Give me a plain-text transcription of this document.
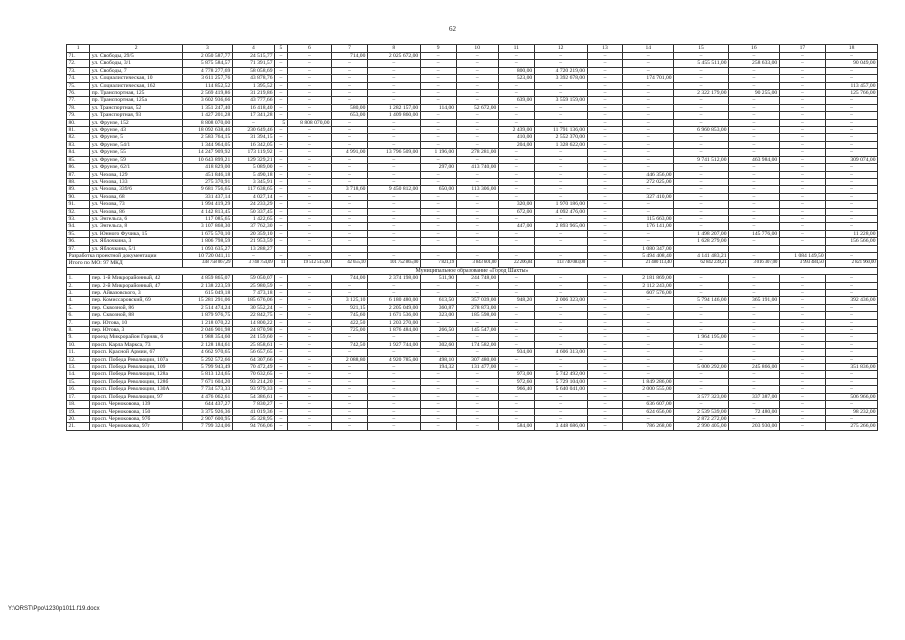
62
1	2	3	4	5	6	7	8	9	10	11	12	13	14	15	16	17	18
71.	ул. Свободы, 29/5	2 050 587,77	24 515,77	–	–	714,00	2 025 672,00	–	–	–	–	–	–	–	–	–	–
72.	ул. Свободы, 3/1	5 875 584,57	71 391,57	–	–	–	–	–	–	–	–	–	–	5 455 511,00	258 633,00	–	90 049,00
73.	ул. Свободы, 7	4 778 277,69	58 058,69	–	–	–	–	–	–	800,00	4 720 219,00	–	–	–	–	–	–
74.	ул. Социалистическая, 10	3 611 257,76	43 878,76	–	–	–	–	–	–	523,00	3 392 678,00	–	174 701,00	–	–	–	–
75.	ул. Социалистическая, 162	114 852,52	1 395,52	–	–	–	–	–	–	–	–	–	–	–	–	–	113 457,00
76.	пр. Транспортная, 125	2 569 419,86	31 219,86	–	–	–	–	–	–	–	–	–	–	2 322 179,00	90 255,00	–	125 766,00
77.	пр. Транспортная, 125а	3 602 936,66	43 777,66	–	–	–	–	–	–	639,00	3 559 159,00	–	–	–	–	–	–
78.	ул. Транспортная, 52	1 351 247,40	16 418,40	–	–	580,00	1 282 157,00	114,00	52 672,00	–	–	–	–	–	–	–	–
79.	ул. Транспортная, 93	1 427 201,28	17 341,28	–	–	653,00	1 409 860,00	–	–	–	–	–	–	–	–	–	–
80.	ул. Фрунзе, 152	8 808 070,00	–	5	8 808 070,00	–	–	–	–	–	–	–	–	–	–	–	–
81.	ул. Фрунзе, 43	18 092 638,46	230 649,46	–	–	–	–	–	–	2 439,00	11 791 136,00	–	–	6 960 853,00	–	–	–
82.	ул. Фрунзе, 5	2 583 764,15	31 394,15	–	–	–	–	–	–	410,00	2 552 370,00	–	–	–	–	–	–
83.	ул. Фрунзе, 54/1	1 344 964,05	16 342,05	–	–	–	–	–	–	204,00	1 328 622,00	–	–	–	–	–	–
84.	ул. Фрунзе, 55	14 247 909,92	173 119,92	–	–	4 991,00	13 796 509,00	1 196,00	278 281,00	–	–	–	–	–	–	–	–
85.	ул. Фрунзе, 59	10 643 899,21	129 329,21	–	–	–	–	–	–	–	–	–	–	9 741 512,00	463 984,00	–	309 074,00
86.	ул. Фрунзе, 62/1	418 829,00	5 089,00	–	–	–	–	297,00	413 740,00	–	–	–	–	–	–	–	–
87.	ул. Чехова, 129	451 846,18	5 490,18	–	–	–	–	–	–	–	–	–	446 356,00	–	–	–	–
88.	ул. Чехова, 133	275 370,91	3 345,91	–	–	–	–	–	–	–	–	–	272 025,00	–	–	–	–
89.	ул. Чехова, 339/6	9 681 756,65	117 638,65	–	–	3 718,60	9 450 812,00	650,00	113 306,00	–	–	–	–	–	–	–	–
90.	ул. Чехова, 68	331 437,14	4 027,14	–	–	–	–	–	–	–	–	–	327 410,00	–	–	–	–
91.	ул. Чехова, 73	1 994 419,29	24 233,29	–	–	–	–	–	–	320,00	1 970 186,00	–	–	–	–	–	–
92.	ул. Чехова, 86	4 142 813,45	50 337,45	–	–	–	–	–	–	672,00	4 092 476,00	–	–	–	–	–	–
93.	ул. Энгельса, 6	117 085,65	1 422,65	–	–	–	–	–	–	–	–	–	115 663,00	–	–	–	–
94.	ул. Энгельса, 8	3 107 868,30	37 762,30	–	–	–	–	–	–	447,00	2 893 965,00	–	176 141,00	–	–	–	–
95.	ул. Юнного Фучика, 15	1 675 570,10	20 359,10	–	–	–	–	–	–	–	–	–	–	1 498 207,00	145 776,00	–	11 228,00
96.	ул. Яблочкина, 3	1 806 798,59	21 953,59	–	–	–	–	–	–	–	–	–	–	1 628 279,00	–	–	156 566,00
97.	ул. Яблочкина, 5/1	1 093 635,27	13 288,27										1 080 347,00				
Разработка проектной документации		10 720 041,11	–	–	–	–	–	–	–	–	–	–	5 494 408,40	4 141 483,21	–	1 084 149,50	–
Итого по МО: 97 МКД		338 758 067,29	3 748 754,09	11	19 512 515,00	42 655,10	101 752 865,00	7 821,19	3 843 601,00	22 206,84	113 740 083,00	–	21 480 113,40	62 842 239,21	3 016 307,00	3 993 484,50	2 821 960,00
Муниципальное образование «Город Шахты»																	
1.	пер. 1-й Микрорайонный, 42	4 859 865,07	59 050,07	–	–	744,00	2 374 198,00	511,90	244 748,00	–	–	–	2 181 869,00	–	–	–	–
2.	пер. 2-й Микрорайонный, 47	2 138 223,59	25 980,59	–	–	–	–	–	–	–	–	–	2 112 243,00	–	–	–	–
3.	пер. Айвазовского, 3	615 049,18	7 473,18	–	–	–	–	–	–	–	–	–	607 576,00	–	–	–	–
4.	пер. Комиссаровский, 69	15 281 291,06	185 676,06	–	–	3 125,10	6 180 480,00	613,50	357 039,00	948,20	2 006 323,00	–	–	5 794 146,00	365 191,00	–	392 436,00
5.	пер. Сквозной, 86	2 514 474,24	30 552,24	–	–	921,15	2 205 049,00	360,87	278 873,00	–	–	–	–	–	–	–	–
6.	пер. Сквозной, 88	1 879 976,75	22 842,75	–	–	745,60	1 671 536,00	323,00	185 598,00	–	–	–	–	–	–	–	–
7.	пер. Ютова, 10	1 218 070,22	14 800,22	–	–	422,50	1 203 270,00	–	–	–	–	–	–	–	–	–	–
8.	пер. Ютова, 3	2 046 901,98	24 870,98	–	–	725,00	1 876 484,00	266,50	145 547,00	–	–	–	–	–	–	–	–
9.	проезд Микрорайон Горняк, 6	1 988 354,60	24 159,60	–	–	–	–	–	–	–	–	–	–	1 964 195,00	–	–	–
10.	просп. Карла Маркса, 73	2 128 184,61	25 858,61	–	–	742,50	1 927 744,00	302,60	174 582,00	–	–	–	–	–	–	–	–
11.	просп. Красной Армии, 67	4 662 970,65	56 657,65	–	–	–	–	–	–	934,00	4 606 313,00	–	–	–	–	–	–
12.	просп. Победа Революции, 107а	5 292 572,66	64 307,66	–	–	2 088,80	4 920 785,00	498,10	307 480,00	–	–	–	–	–	–	–	–
13.	просп. Победа Революции, 109	5 799 943,49	70 472,49	–	–	–	–	194,32	131 477,00	–	–	–	–	5 000 292,00	245 866,00	–	351 836,00
14.	просп. Победа Революции, 128а	5 813 124,65	70 632,65	–	–	–	–	–	–	973,00	5 742 492,00	–	–	–	–	–	–
15.	просп. Победа Революции, 128б	7 671 604,20	93 214,20	–	–	–	–	–	–	972,60	5 729 104,00	–	1 849 286,00	–	–	–	–
16.	просп. Победа Революции, 130А	7 734 573,33	93 979,33	–	–	–	–	–	–	966,40	5 640 041,00	–	2 000 555,00	–	–	–	–
17.	просп. Победа Революции, 97	4 476 062,61	54 386,61	–	–	–	–	–	–	–	–	–	–	3 577 323,00	337 387,00	–	506 966,00
18.	просп. Черноковова, 139	644 437,27	7 830,27	–	–	–	–	–	–	–	–	–	636 607,00	–	–	–	–
19.	просп. Черноковова, 150	3 375 926,36	41 019,36	–	–	–	–	–	–	–	–	–	624 656,00	2 539 539,00	72 480,00	–	98 232,00
20.	просп. Черноковова, 97б	2 907 600,95	35 328,95	–	–	–	–	–	–	–	–	–	–	2 872 272,00	–	–	–
21.	просп. Черноковова, 97г	7 799 324,06	94 766,06	–	–	–	–	–	–	584,00	3 448 686,00	–	786 268,00	2 990 405,00	203 930,00	–	275 266,00
Y:\ORST\Ppo\1230p1011.f19.docx
